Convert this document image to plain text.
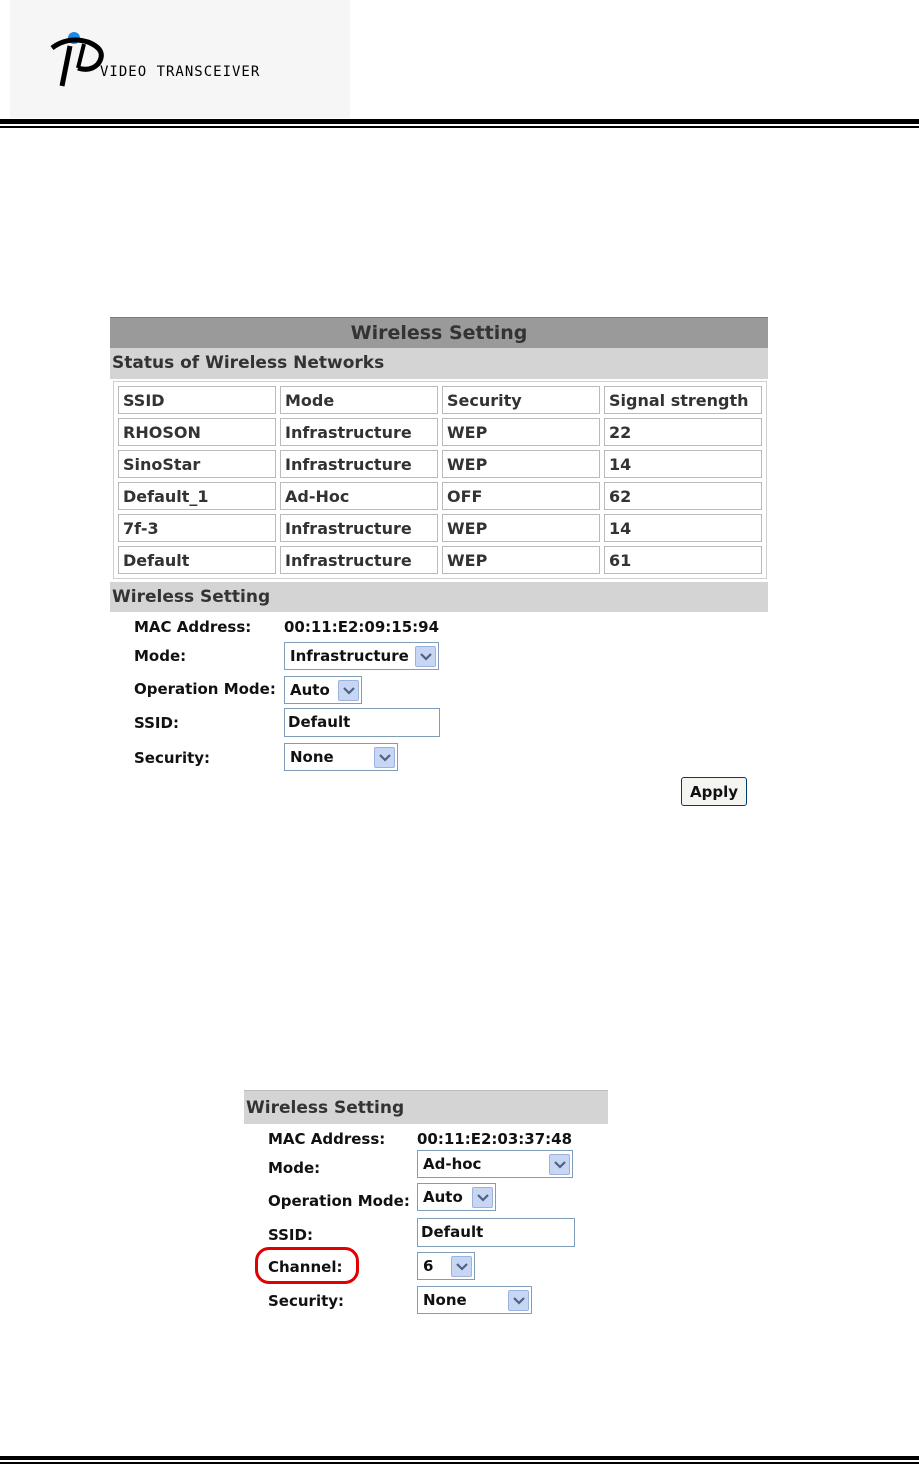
VIDEO TRANSCEIVER
Wireless Setting
Status of Wireless Networks
SSID	Mode	Security	Signal strength
RHOSON	Infrastructure	WEP	22
SinoStar	Infrastructure	WEP	14
Default_1	Ad-Hoc	OFF	62
7f-3	Infrastructure	WEP	14
Default	Infrastructure	WEP	61
Wireless Setting
MAC Address: 00:11:E2:09:15:94
Mode:	Infrastructure
Operation Mode: Auto
SSID:	Default
Security:	None
Apply
Wireless Setting
MAC Address: 00:11:E2:03:37:48
Mode:	Ad-hoc
Operation Mode: Auto
SSID:	Default
Channel:	6
Security:	None
